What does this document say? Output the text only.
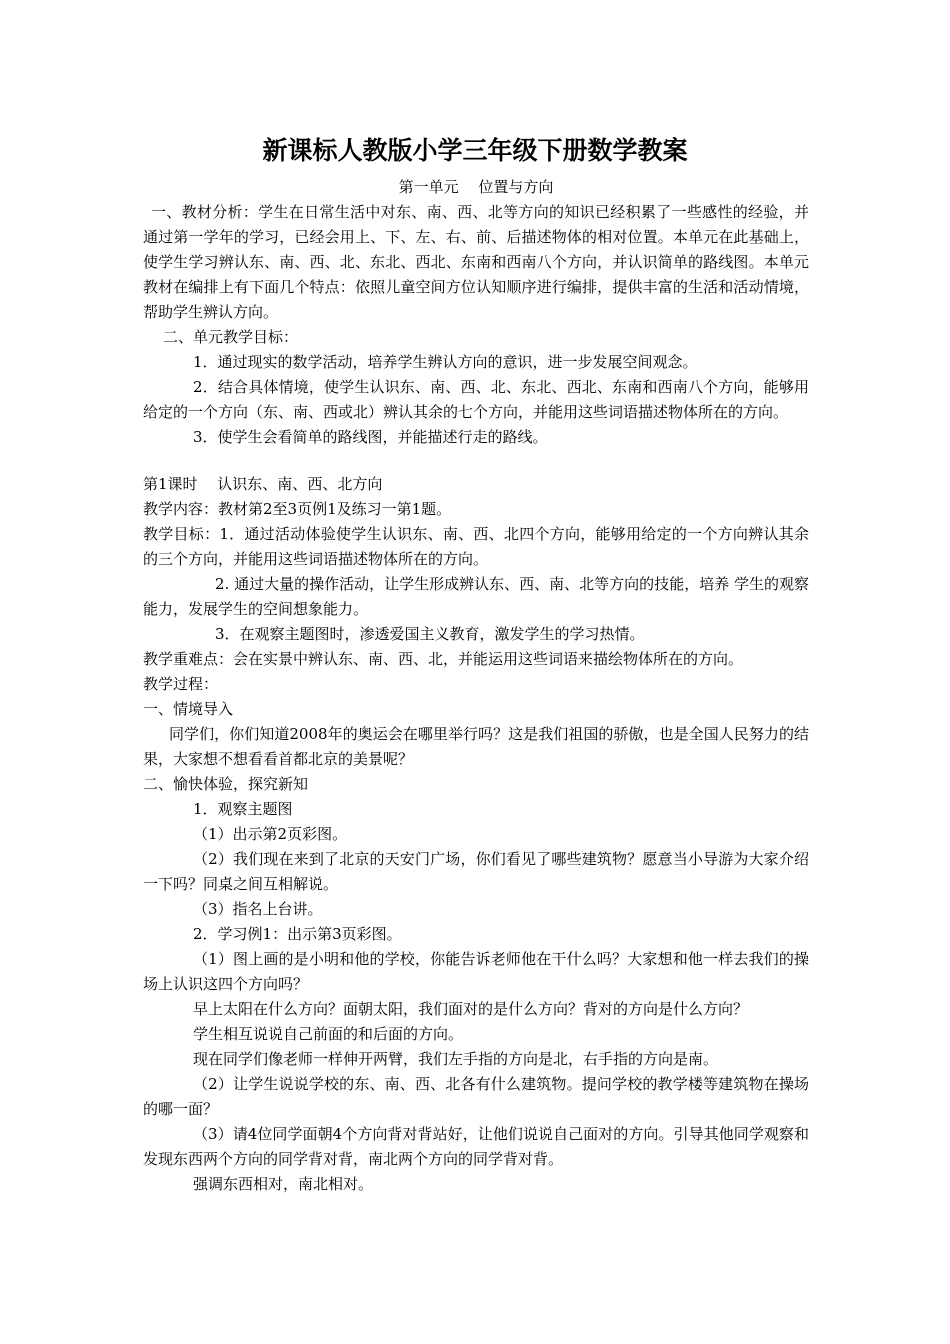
新课标人教版小学三年级下册数学教案

第一单元　 位置与方向

一、教材分析：学生在日常生活中对东、南、西、北等方向的知识已经积累了一些感性的经验，并通过第一学年的学习，已经会用上、下、左、右、前、后描述物体的相对位置。本单元在此基础上，使学生学习辨认东、南、西、北、东北、西北、东南和西南八个方向，并认识简单的路线图。本单元教材在编排上有下面几个特点：依照儿童空间方位认知顺序进行编排，提供丰富的生活和活动情境，帮助学生辨认方向。

二、单元教学目标：

1．通过现实的数学活动，培养学生辨认方向的意识，进一步发展空间观念。

2．结合具体情境，使学生认识东、南、西、北、东北、西北、东南和西南八个方向，能够用给定的一个方向（东、南、西或北）辨认其余的七个方向，并能用这些词语描述物体所在的方向。

3．使学生会看简单的路线图，并能描述行走的路线。

第1课时　 认识东、南、西、北方向

教学内容：教材第2至3页例1及练习一第1题。

教学目标：1．通过活动体验使学生认识东、南、西、北四个方向，能够用给定的一个方向辨认其余的三个方向，并能用这些词语描述物体所在的方向。

2. 通过大量的操作活动，让学生形成辨认东、西、南、北等方向的技能，培养 学生的观察能力，发展学生的空间想象能力。

3．在观察主题图时，渗透爱国主义教育，激发学生的学习热情。

教学重难点：会在实景中辨认东、南、西、北，并能运用这些词语来描绘物体所在的方向。

教学过程：

一、情境导入

同学们，你们知道2008年的奥运会在哪里举行吗？这是我们祖国的骄傲，也是全国人民努力的结果，大家想不想看看首都北京的美景呢？

二、愉快体验，探究新知

1．观察主题图

（1）出示第2页彩图。

（2）我们现在来到了北京的天安门广场，你们看见了哪些建筑物？愿意当小导游为大家介绍一下吗？同桌之间互相解说。

（3）指名上台讲。

2．学习例1：出示第3页彩图。

（1）图上画的是小明和他的学校，你能告诉老师他在干什么吗？大家想和他一样去我们的操场上认识这四个方向吗？

早上太阳在什么方向？面朝太阳，我们面对的是什么方向？背对的方向是什么方向？

学生相互说说自己前面的和后面的方向。

现在同学们像老师一样伸开两臂，我们左手指的方向是北，右手指的方向是南。

（2）让学生说说学校的东、南、西、北各有什么建筑物。提问学校的教学楼等建筑物在操场的哪一面？

（3）请4位同学面朝4个方向背对背站好，让他们说说自己面对的方向。引导其他同学观察和发现东西两个方向的同学背对背，南北两个方向的同学背对背。

强调东西相对，南北相对。
